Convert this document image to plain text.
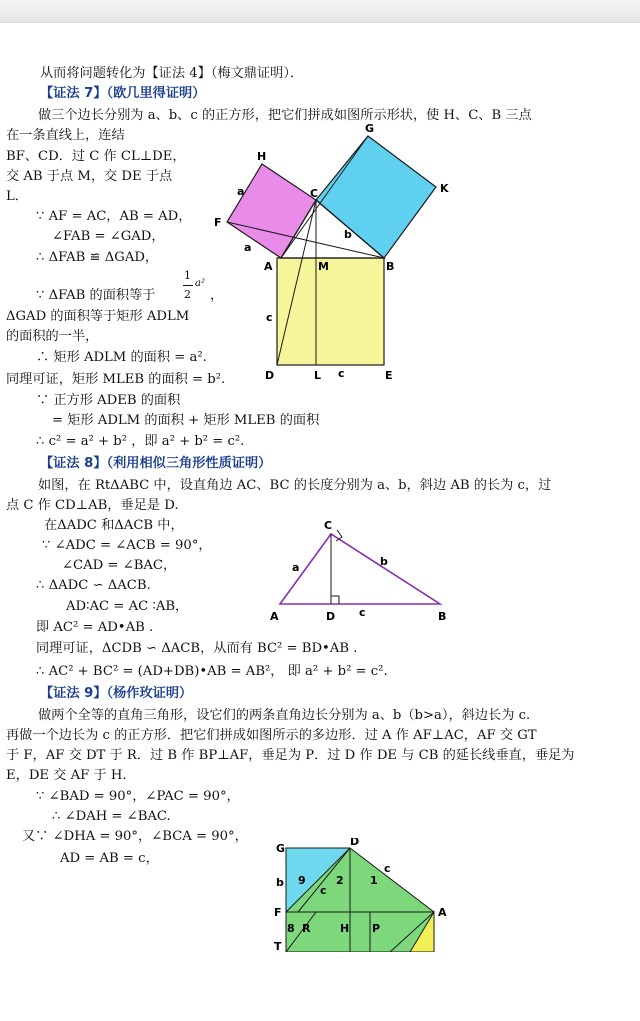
从而将问题转化为【证法 4】（梅文鼎证明）．
【证法 7】（欧几里得证明）
做三个边长分别为 a、b、c 的正方形，把它们拼成如图所示形状，使 H、C、B 三点
在一条直线上，连结
BF、CD．过 C 作 CL⊥DE，
交 AB 于点 M，交 DE 于点
L．
∵ AF = AC，AB = AD，
∠FAB = ∠GAD，
∴ ΔFAB ≌ ΔGAD，
∵ ΔFAB 的面积等于
1
2
a²
，
ΔGAD 的面积等于矩形 ADLM
的面积的一半，
∴ 矩形 ADLM 的面积 = a².
同理可证，矩形 MLEB 的面积 = b².
∵ 正方形 ADEB 的面积
= 矩形 ADLM 的面积 + 矩形 MLEB 的面积
∴ c² = a² + b² ，即 a² + b² = c².
【证法 8】（利用相似三角形性质证明）
如图，在 RtΔABC 中，设直角边 AC、BC 的长度分别为 a、b，斜边 AB 的长为 c，过
点 C 作 CD⊥AB，垂足是 D.
在ΔADC 和ΔACB 中，
∵ ∠ADC = ∠ACB = 90°，
∠CAD = ∠BAC，
∴ ΔADC ∽ ΔACB.
AD∶AC = AC ∶AB，
即 AC² = AD•AB .
同理可证，ΔCDB ∽ ΔACB，从而有 BC² = BD•AB .
∴ AC² + BC² = (AD+DB)•AB = AB²， 即 a² + b² = c².
【证法 9】（杨作玫证明）
做两个全等的直角三角形，设它们的两条直角边长分别为 a、b（b>a），斜边长为 c.
再做一个边长为 c 的正方形．把它们拼成如图所示的多边形．过 A 作 AF⊥AC，AF 交 GT
于 F，AF 交 DT 于 R．过 B 作 BP⊥AF，垂足为 P．过 D 作 DE 与 CB 的延长线垂直，垂足为
E，DE 交 AF 于 H.
∵ ∠BAD = 90°，∠PAC = 90°，
∴ ∠DAH = ∠BAC.
又∵ ∠DHA = 90°，∠BCA = 90°，
AD = AB = c，
H
G
K
C
F
A	M	B
D	L	E
a
a
b
c
c
C
A	D	B
a	b
c
G
D
c
b 9	2 1
c
F	A
8 R	H P
T
